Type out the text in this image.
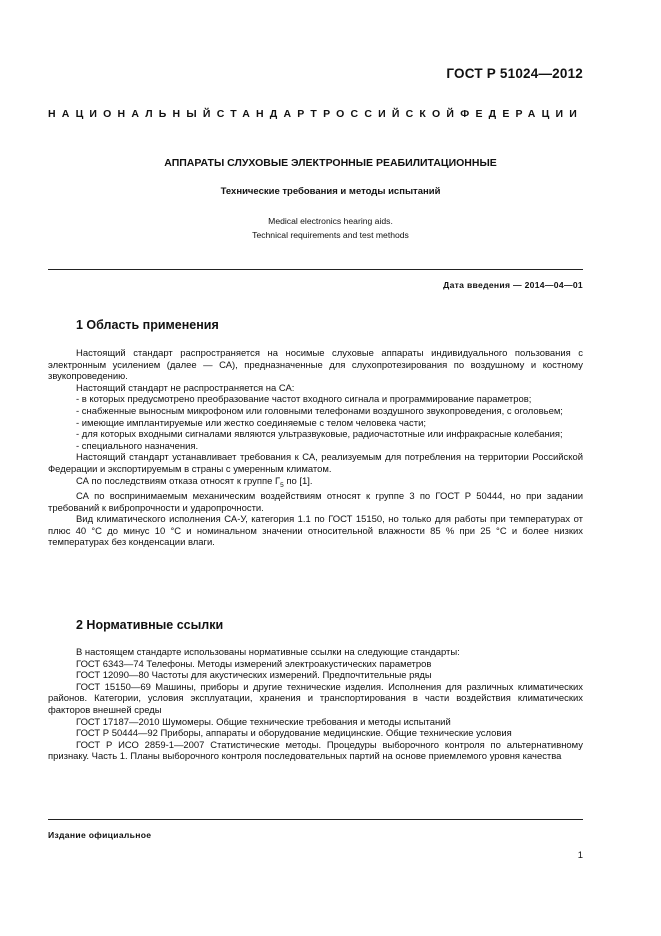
ГОСТ Р 51024—2012
НАЦИОНАЛЬНЫЙ СТАНДАРТ РОССИЙСКОЙ ФЕДЕРАЦИИ
АППАРАТЫ СЛУХОВЫЕ ЭЛЕКТРОННЫЕ РЕАБИЛИТАЦИОННЫЕ
Технические требования и методы испытаний
Medical electronics hearing aids.
Technical requirements and test methods
Дата введения — 2014—04—01
1 Область применения

Настоящий стандарт распространяется на носимые слуховые аппараты индивидуального пользования с электронным усилением (далее — СА), предназначенные для слухопротезирования по воздушному и костному звукопроведению.

Настоящий стандарт не распространяется на СА:

- в которых предусмотрено преобразование частот входного сигнала и программирование параметров;

- снабженные выносным микрофоном или головными телефонами воздушного звукопроведения, с оголовьем;

- имеющие имплантируемые или жестко соединяемые с телом человека части;

- для которых входными сигналами являются ультразвуковые, радиочастотные или инфракрасные колебания;

- специального назначения.

Настоящий стандарт устанавливает требования к СА, реализуемым для потребления на территории Российской Федерации и экспортируемым в страны с умеренным климатом.

СА по последствиям отказа относят к группе $Г_5$ по [1].

СА по воспринимаемым механическим воздействиям относят к группе 3 по ГОСТ Р 50444, но при задании требований к вибропрочности и ударопрочности.

Вид климатического исполнения СА-У, категория 1.1 по ГОСТ 15150, но только для работы при температурах от плюс 40 °С до минус 10 °С и номинальном значении относительной влажности 85 % при 25 °С и более низких температурах без конденсации влаги.

2 Нормативные ссылки

В настоящем стандарте использованы нормативные ссылки на следующие стандарты:

ГОСТ 6343—74 Телефоны. Методы измерений электроакустических параметров

ГОСТ 12090—80 Частоты для акустических измерений. Предпочтительные ряды

ГОСТ 15150—69 Машины, приборы и другие технические изделия. Исполнения для различных климатических районов. Категории, условия эксплуатации, хранения и транспортирования в части воздействия климатических факторов внешней среды

ГОСТ 17187—2010 Шумомеры. Общие технические требования и методы испытаний

ГОСТ Р 50444—92 Приборы, аппараты и оборудование медицинские. Общие технические условия

ГОСТ Р ИСО 2859-1—2007 Статистические методы. Процедуры выборочного контроля по альтернативному признаку. Часть 1. Планы выборочного контроля последовательных партий на основе приемлемого уровня качества

Издание официальное
1
